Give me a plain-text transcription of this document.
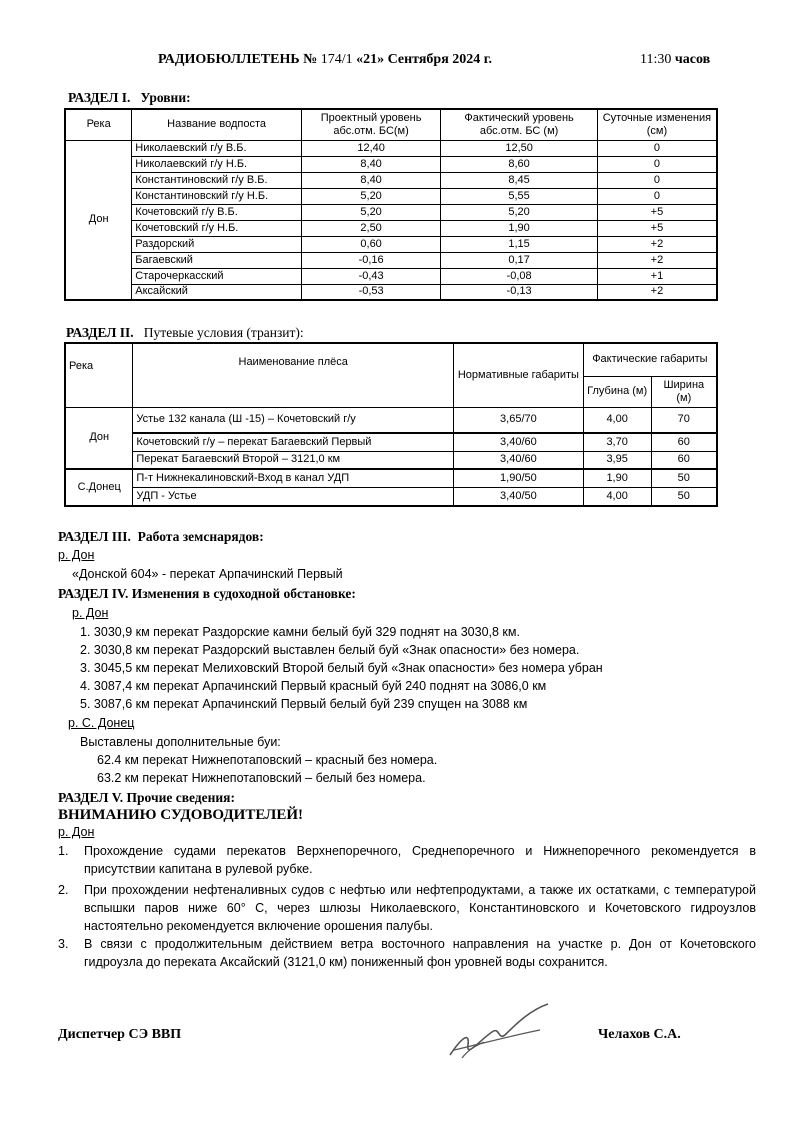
РАДИОБЮЛЛЕТЕНЬ № 174/1 «21» Сентября 2024 г.	11:30 часов
РАЗДЕЛ I. Уровни:
Река	Название водпоста	Проектный уровень абс.отм. БС(м)	Фактический уровень абс.отм. БС (м)	Суточные изменения (см)
Дон	Николаевский г/у В.Б.	12,40	12,50	0
	Николаевский г/у Н.Б.	8,40	8,60	0
	Константиновский г/у В.Б.	8,40	8,45	0
	Константиновский г/у Н.Б.	5,20	5,55	0
	Кочетовский г/у В.Б.	5,20	5,20	+5
	Кочетовский г/у Н.Б.	2,50	1,90	+5
	Раздорский	0,60	1,15	+2
	Багаевский	-0,16	0,17	+2
	Старочеркасский	-0,43	-0,08	+1
	Аксайский	-0,53	-0,13	+2
РАЗДЕЛ II. Путевые условия (транзит):
Река	Наименование плёса	Нормативные габариты	Фактические габариты	
			Глубина (м)	Ширина (м)
Дон	Устье 132 канала (Ш -15) – Кочетовский г/у	3,65/70	4,00	70
	Кочетовский г/у – перекат Багаевский Первый	3,40/60	3,70	60
	Перекат Багаевский Второй – 3121,0 км	3,40/60	3,95	60
С.Донец	П-т Нижнекалиновский-Вход в канал УДП	1,90/50	1,90	50
	УДП - Устье	3,40/50	4,00	50
РАЗДЕЛ III. Работа земснарядов:
р. Дон
«Донской 604» - перекат Арпачинский Первый
РАЗДЕЛ IV. Изменения в судоходной обстановке:
р. Дон
1. 3030,9 км перекат Раздорские камни белый буй 329 поднят на 3030,8 км.
2. 3030,8 км перекат Раздорский выставлен белый буй «Знак опасности» без номера.
3. 3045,5 км перекат Мелиховский Второй белый буй «Знак опасности» без номера убран
4. 3087,4 км перекат Арпачинский Первый красный буй 240 поднят на 3086,0 км
5. 3087,6 км перекат Арпачинский Первый белый буй 239 спущен на 3088 км
р. С. Донец
Выставлены дополнительные буи:
62.4 км перекат Нижнепотаповский – красный без номера.
63.2 км перекат Нижнепотаповский – белый без номера.
РАЗДЕЛ V. Прочие сведения:
ВНИМАНИЮ СУДОВОДИТЕЛЕЙ!
р. Дон
1. Прохождение судами перекатов Верхнепоречного, Среднепоречного и Нижнепоречного рекомендуется в присутствии капитана в рулевой рубке.
2. При прохождении нефтеналивных судов с нефтью или нефтепродуктами, а также их остатками, с температурой вспышки паров ниже 60° С, через шлюзы Николаевского, Константиновского и Кочетовского гидроузлов настоятельно рекомендуется включение орошения палубы.
3. В связи с продолжительным действием ветра восточного направления на участке р. Дон от Кочетовского гидроузла до переката Аксайский (3121,0 км) пониженный фон уровней воды сохранится.
Диспетчер СЭ ВВП	Челахов С.А.
